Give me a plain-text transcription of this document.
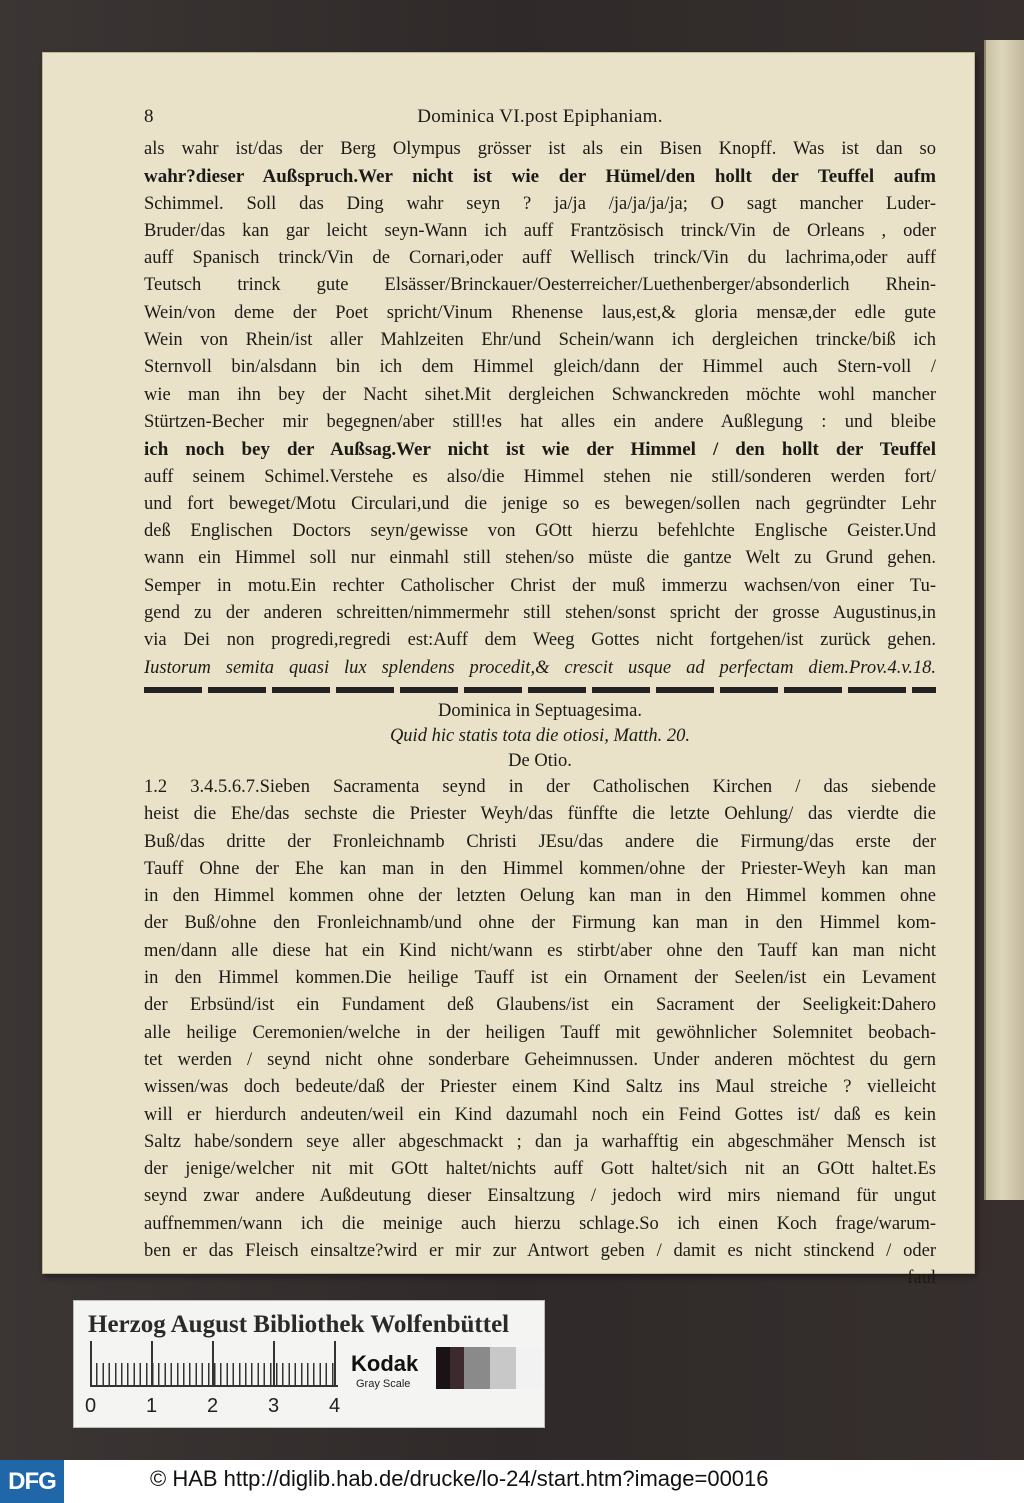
8	Dominica VI.post Epiphaniam.
als wahr ist/das der Berg Olympus grösser ist als ein Bisen Knopff. Was ist dan so
wahr?dieser Außspruch.Wer nicht ist wie der Hümel/den hollt der Teuffel aufm
Schimmel. Soll das Ding wahr seyn ? ja/ja /ja/ja/ja/ja; O sagt mancher Luder-
Bruder/das kan gar leicht seyn-Wann ich auff Frantzösisch trinck/Vin de Orleans , oder
auff Spanisch trinck/Vin de Cornari,oder auff Wellisch trinck/Vin du lachrima,oder auff
Teutsch trinck gute Elsässer/Brinckauer/Oesterreicher/Luethenberger/absonderlich Rhein-
Wein/von deme der Poet spricht/Vinum Rhenense laus,est,& gloria mensæ,der edle gute
Wein von Rhein/ist aller Mahlzeiten Ehr/und Schein/wann ich dergleichen trincke/biß ich
Sternvoll bin/alsdann bin ich dem Himmel gleich/dann der Himmel auch Stern-voll /
wie man ihn bey der Nacht sihet.Mit dergleichen Schwanckreden möchte wohl mancher
Stürtzen-Becher mir begegnen/aber still!es hat alles ein andere Außlegung : und bleibe
ich noch bey der Außsag.Wer nicht ist wie der Himmel / den hollt der Teuffel
auff seinem Schimel.Verstehe es also/die Himmel stehen nie still/sonderen werden fort/
und fort beweget/Motu Circulari,und die jenige so es bewegen/sollen nach gegründter Lehr
deß Englischen Doctors seyn/gewisse von GOtt hierzu befehlchte Englische Geister.Und
wann ein Himmel soll nur einmahl still stehen/so müste die gantze Welt zu Grund gehen.
Semper in motu.Ein rechter Catholischer Christ der muß immerzu wachsen/von einer Tu-
gend zu der anderen schreitten/nimmermehr still stehen/sonst spricht der grosse Augustinus,in
via Dei non progredi,regredi est:Auff dem Weeg Gottes nicht fortgehen/ist zurück gehen.
Iustorum semita quasi lux splendens procedit,& crescit usque ad perfectam diem.Prov.4.v.18.
Dominica in Septuagesima.
Quid hic statis tota die otiosi, Matth. 20.
De Otio.
1.2 3.4.5.6.7.Sieben Sacramenta seynd in der Catholischen Kirchen / das siebende
heist die Ehe/das sechste die Priester Weyh/das fünffte die letzte Oehlung/ das vierdte die
Buß/das dritte der Fronleichnamb Christi JEsu/das andere die Firmung/das erste der
Tauff Ohne der Ehe kan man in den Himmel kommen/ohne der Priester-Weyh kan man
in den Himmel kommen ohne der letzten Oelung kan man in den Himmel kommen ohne
der Buß/ohne den Fronleichnamb/und ohne der Firmung kan man in den Himmel kom-
men/dann alle diese hat ein Kind nicht/wann es stirbt/aber ohne den Tauff kan man nicht
in den Himmel kommen.Die heilige Tauff ist ein Ornament der Seelen/ist ein Levament
der Erbsünd/ist ein Fundament deß Glaubens/ist ein Sacrament der Seeligkeit:Dahero
alle heilige Ceremonien/welche in der heiligen Tauff mit gewöhnlicher Solemnitet beobach-
tet werden / seynd nicht ohne sonderbare Geheimnussen. Under anderen möchtest du gern
wissen/was doch bedeute/daß der Priester einem Kind Saltz ins Maul streiche ? vielleicht
will er hierdurch andeuten/weil ein Kind dazumahl noch ein Feind Gottes ist/ daß es kein
Saltz habe/sondern seye aller abgeschmackt ; dan ja warhafftig ein abgeschmäher Mensch ist
der jenige/welcher nit mit GOtt haltet/nichts auff Gott haltet/sich nit an GOtt haltet.Es
seynd zwar andere Außdeutung dieser Einsaltzung / jedoch wird mirs niemand für ungut
auffnemmen/wann ich die meinige auch hierzu schlage.So ich einen Koch frage/warum-
ben er das Fleisch einsaltze?wird er mir zur Antwort geben / damit es nicht stinckend / oder
faul
Herzog August Bibliothek Wolfenbüttel
0 1 2 3 4
Kodak
Gray Scale
DFG	© HAB http://diglib.hab.de/drucke/lo-24/start.htm?image=00016
